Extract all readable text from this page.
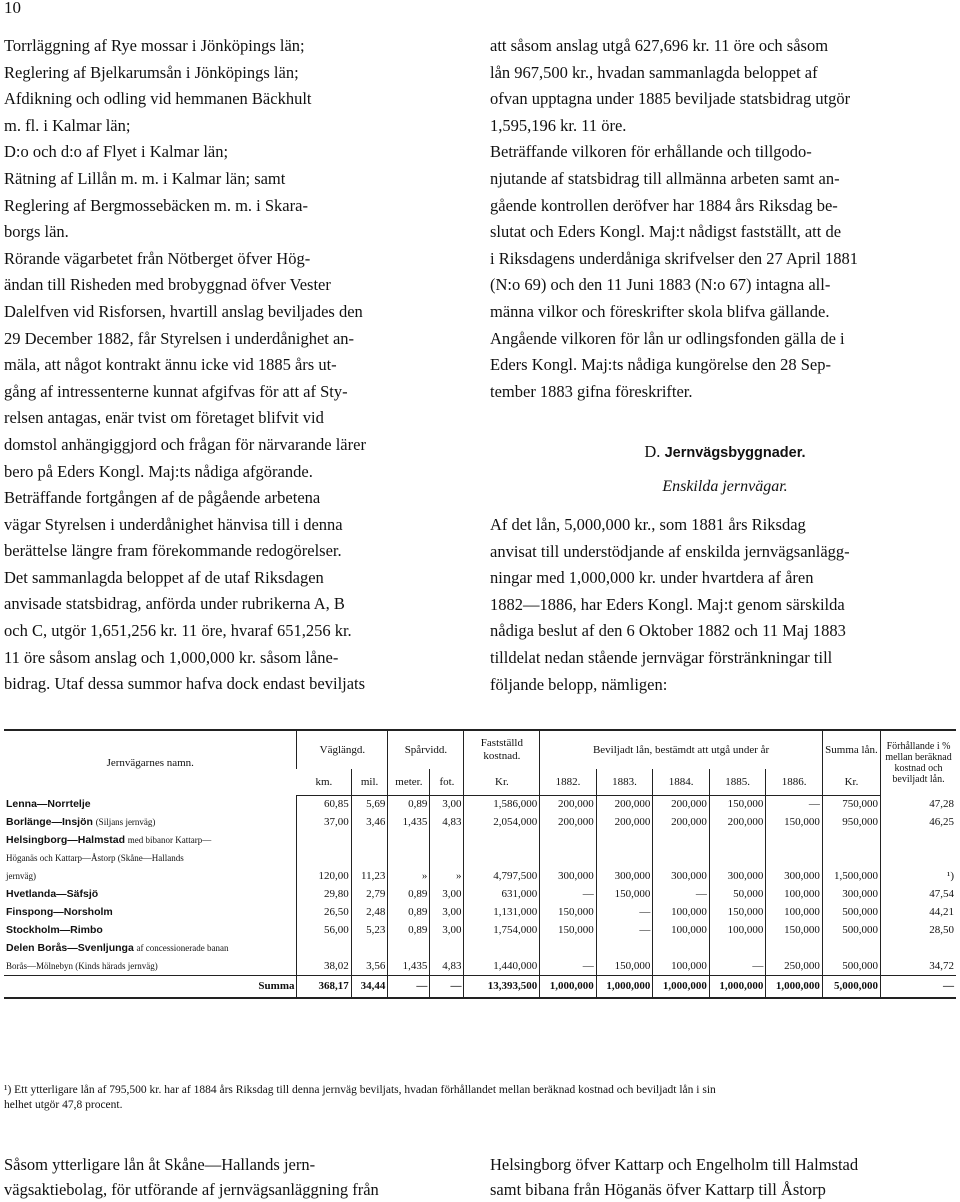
10
Torrläggning af Rye mossar i Jönköpings län;
Reglering af Bjelkarumsån i Jönköpings län;
Afdikning och odling vid hemmanen Bäckhult
m. fl. i Kalmar län;
D:o och d:o af Flyet i Kalmar län;
Rätning af Lillån m. m. i Kalmar län; samt
Reglering af Bergmossebäcken m. m. i Skara-
borgs län.
Rörande vägarbetet från Nötberget öfver Hög-
ändan till Risheden med brobyggnad öfver Vester
Dalelfven vid Risforsen, hvartill anslag beviljades den
29 December 1882, får Styrelsen i underdånighet an-
mäla, att något kontrakt ännu icke vid 1885 års ut-
gång af intressenterne kunnat afgifvas för att af Sty-
relsen antagas, enär tvist om företaget blifvit vid
domstol anhängiggjord och frågan för närvarande lärer
bero på Eders Kongl. Maj:ts nådiga afgörande.
Beträffande fortgången af de pågående arbetena
vägar Styrelsen i underdånighet hänvisa till i denna
berättelse längre fram förekommande redogörelser.
Det sammanlagda beloppet af de utaf Riksdagen
anvisade statsbidrag, anförda under rubrikerna A, B
och C, utgör 1,651,256 kr. 11 öre, hvaraf 651,256 kr.
11 öre såsom anslag och 1,000,000 kr. såsom låne-
bidrag. Utaf dessa summor hafva dock endast beviljats
att såsom anslag utgå 627,696 kr. 11 öre och såsom
lån 967,500 kr., hvadan sammanlagda beloppet af
ofvan upptagna under 1885 beviljade statsbidrag utgör
1,595,196 kr. 11 öre.
Beträffande vilkoren för erhållande och tillgodo-
njutande af statsbidrag till allmänna arbeten samt an-
gående kontrollen deröfver har 1884 års Riksdag be-
slutat och Eders Kongl. Maj:t nådigst fastställt, att de
i Riksdagens underdåniga skrifvelser den 27 April 1881
(N:o 69) och den 11 Juni 1883 (N:o 67) intagna all-
männa vilkor och föreskrifter skola blifva gällande.
Angående vilkoren för lån ur odlingsfonden gälla de i
Eders Kongl. Maj:ts nådiga kungörelse den 28 Sep-
tember 1883 gifna föreskrifter.
D. Jernvägsbyggnader.
Enskilda jernvägar.
Af det lån, 5,000,000 kr., som 1881 års Riksdag
anvisat till understödjande af enskilda jernvägsanlägg-
ningar med 1,000,000 kr. under hvartdera af åren
1882—1886, har Eders Kongl. Maj:t genom särskilda
nådiga beslut af den 6 Oktober 1882 och 11 Maj 1883
tilldelat nedan stående jernvägar förstränkningar till
följande belopp, nämligen:
Jernvägarnes namn.	Väglängd.		Spårvidd.		Fastställd kostnad.	Beviljadt lån, bestämdt att utgå under år					Summa lån.	Förhållande i % mellan beräknad kostnad och beviljadt lån.
	km.	mil.	meter.	fot.	Kr.	1882.	1883.	1884.	1885.	1886.	Kr.	
Lenna—Norrtelje	60,85	5,69	0,89	3,00	1,586,000	200,000	200,000	200,000	150,000	—	750,000	47,28
Borlänge—Insjön (Siljans jernväg)	37,00	3,46	1,435	4,83	2,054,000	200,000	200,000	200,000	200,000	150,000	950,000	46,25
Helsingborg—Halmstad med bibanor Kattarp—												
Höganäs och Kattarp—Åstorp (Skåne—Hallands												
jernväg)	120,00	11,23	»	»	4,797,500	300,000	300,000	300,000	300,000	300,000	1,500,000	¹)
Hvetlanda—Säfsjö	29,80	2,79	0,89	3,00	631,000	—	150,000	—	50,000	100,000	300,000	47,54
Finspong—Norsholm	26,50	2,48	0,89	3,00	1,131,000	150,000	—	100,000	150,000	100,000	500,000	44,21
Stockholm—Rimbo	56,00	5,23	0,89	3,00	1,754,000	150,000	—	100,000	100,000	150,000	500,000	28,50
Delen Borås—Svenljunga af concessionerade banan												
Borås—Mölnebyn (Kinds härads jernväg)	38,02	3,56	1,435	4,83	1,440,000	—	150,000	100,000	—	250,000	500,000	34,72
Summa	368,17	34,44	—	—	13,393,500	1,000,000	1,000,000	1,000,000	1,000,000	1,000,000	5,000,000	—
¹) Ett ytterligare lån af 795,500 kr. har af 1884 års Riksdag till denna jernväg beviljats, hvadan förhållandet mellan beräknad kostnad och beviljadt lån i sin
helhet utgör 47,8 procent.
Såsom ytterligare lån åt Skåne—Hallands jern-
vägsaktiebolag, för utförande af jernvägsanläggning från
Helsingborg öfver Kattarp och Engelholm till Halmstad
samt bibana från Höganäs öfver Kattarp till Åstorp
